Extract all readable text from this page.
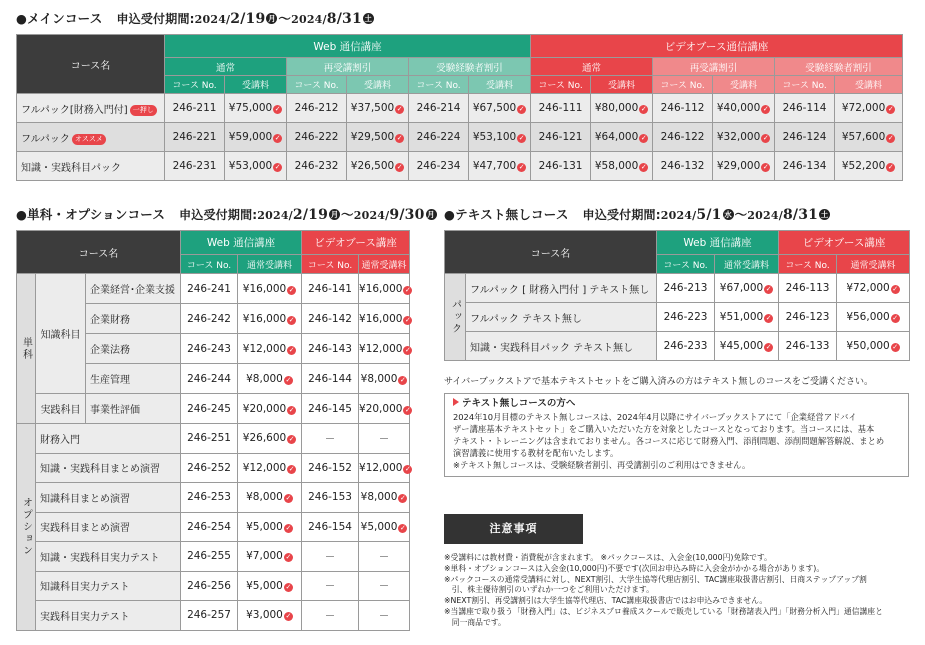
●メインコース 申込受付期間:2024/2/19 月 ～2024/8/31 土
コース名	Web 通信講座						ビデオブース通信講座					
	通常		再受講割引		受験経験者割引		通常		再受講割引		受験経験者割引	
	コース No.	受講料	コース No.	受講料	コース No.	受講料	コース No.	受講料	コース No.	受講料	コース No.	受講料
フルパック[財務入門付] 一押し	246-211	¥75,000 ✓	246-212	¥37,500 ✓	246-214	¥67,500 ✓	246-111	¥80,000 ✓	246-112	¥40,000 ✓	246-114	¥72,000 ✓
フルパック オススメ	246-221	¥59,000 ✓	246-222	¥29,500 ✓	246-224	¥53,100 ✓	246-121	¥64,000 ✓	246-122	¥32,000 ✓	246-124	¥57,600 ✓
知識・実践科目パック	246-231	¥53,000 ✓	246-232	¥26,500 ✓	246-234	¥47,700 ✓	246-131	¥58,000 ✓	246-132	¥29,000 ✓	246-134	¥52,200 ✓
●単科・オプションコース 申込受付期間:2024/2/19 月 ～2024/9/30 月
コース名			Web 通信講座		ビデオブース講座	
			コース No.	通常受講料	コース No.	通常受講料
単科	知識科目	企業経営･企業支援	246-241	¥16,000 ✓	246-141	¥16,000 ✓
		企業財務	246-242	¥16,000 ✓	246-142	¥16,000 ✓
		企業法務	246-243	¥12,000 ✓	246-143	¥12,000 ✓
		生産管理	246-244	¥8,000 ✓	246-144	¥8,000 ✓
	実践科目	事業性評価	246-245	¥20,000 ✓	246-145	¥20,000 ✓
オプション	財務入門		246-251	¥26,600 ✓	－	－
	知識・実践科目まとめ演習		246-252	¥12,000 ✓	246-152	¥12,000 ✓
	知識科目まとめ演習		246-253	¥8,000 ✓	246-153	¥8,000 ✓
	実践科目まとめ演習		246-254	¥5,000 ✓	246-154	¥5,000 ✓
	知識・実践科目実力テスト		246-255	¥7,000 ✓	－	－
	知識科目実力テスト		246-256	¥5,000 ✓	－	－
	実践科目実力テスト		246-257	¥3,000 ✓	－	－
●テキスト無しコース 申込受付期間:2024/5/1 水 ～2024/8/31 土
コース名		Web 通信講座		ビデオブース講座	
		コース No.	通常受講料	コース No.	通常受講料
パック	フルパック [ 財務入門付 ] テキスト無し	246-213	¥67,000 ✓	246-113	¥72,000 ✓
	フルパック テキスト無し	246-223	¥51,000 ✓	246-123	¥56,000 ✓
	知識・実践科目パック テキスト無し	246-233	¥45,000 ✓	246-133	¥50,000 ✓
サイバーブックストアで基本テキストセットをご購入済みの方はテキスト無しのコースをご受講ください。
テキスト無しコースの方へ
2024年10月目標のテキスト無しコースは、2024年4月以降にサイバーブックストアにて「企業経営アドバイ
ザー講座基本テキストセット」をご購入いただいた方を対象としたコースとなっております。当コースには、基本
テキスト・トレーニングは含まれておりません。各コースに応じて財務入門、添削問題、添削問題解答解説、まとめ
演習講義に使用する教材を配布いたします。
※テキスト無しコースは、受験経験者割引、再受講割引のご利用はできません。
注意事項
※受講料には教材費・消費税が含まれます。 ※パックコースは、入会金(10,000円)免除です。
※単科・オプションコースは入会金(10,000円)不要です(次回お申込み時に入会金がかかる場合があります)。
※パックコースの通常受講料に対し、NEXT割引、大学生協等代理店割引、TAC講座取扱書店割引、日商ステップアップ割
　引、株主優待割引のいずれか一つをご利用いただけます。
※NEXT割引、再受講割引は大学生協等代理店、TAC講座取扱書店ではお申込みできません。
※当講座で取り扱う「財務入門」は、ビジネスプロ養成スクールで販売している「財務諸表入門」「財務分析入門」通信講座と
　同一商品です。
